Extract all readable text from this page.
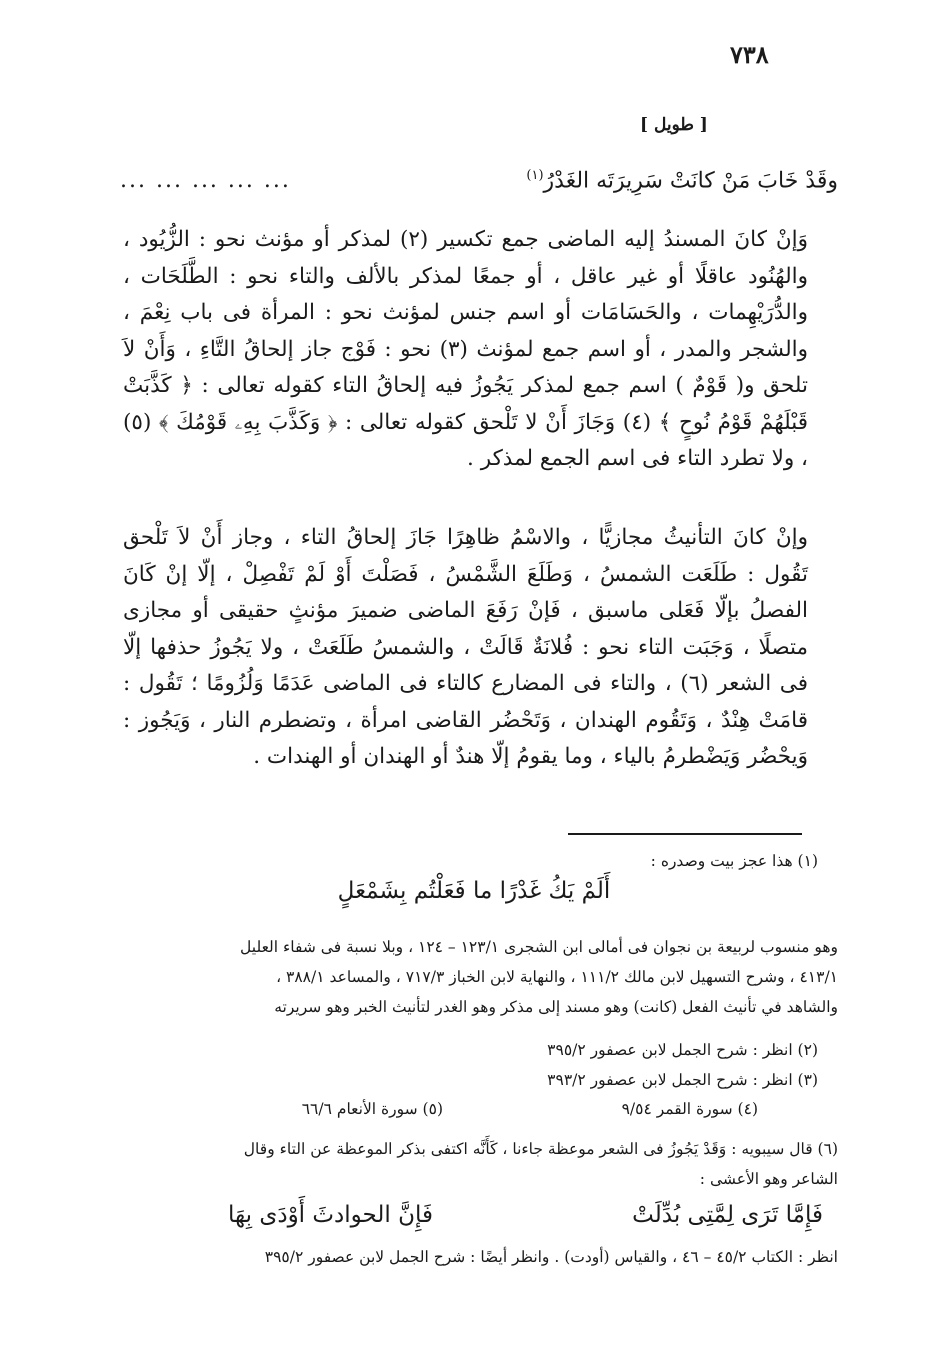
٧٣٨
[ طويل ]
وقَدْ خَابَ مَنْ كانَتْ سَرِيرَتَه الغَدْرُ$^{(١)}$
... ... ... ... ...
وَإنْ كانَ المسندُ إليه الماضى جمع تكسير (٢) لمذكر أو مؤنث نحو : الزُّيُود ، والهُنُود عاقلًا أو غير عاقل ، أو جمعًا لمذكر بالألف والتاء نحو : الطَّلَحَات ، والدُّرَيْهِمات ، والحَسَامَات أو اسم جنس لمؤنث نحو : المرأة فى باب نِعْمَ ، والشجر والمدر ، أو اسم جمع لمؤنث (٣) نحو : فَوْج جاز إلحاقُ التَّاءِ ، وَأَنْ لاَ تلحق و( قَوْمٌ ) اسم جمع لمذكر يَجُوزُ فيه إلحاقُ التاء كقوله تعالى : ﴿ كَذَّبَتْ قَبْلَهُمْ قَوْمُ نُوحٍ ﴾ (٤) وَجَازَ أَنْ لا تَلْحق كقوله تعالى : ﴿ وَكَذَّبَ بِهِۦ قَوْمُكَ ﴾ (٥) ، ولا تطرد التاء فى اسم الجمع لمذكر .
وإنْ كانَ التأنيثُ مجازيًّا ، والاسْمُ ظاهِرًا جَازَ إلحاقُ التاء ، وجاز أَنْ لاَ تَلْحق تَقُول : طَلَعَت الشمسُ ، وَطَلَعَ الشَّمْسُ ، فَصَلْتَ أَوْ لَمْ تَفْصِلْ ، إلّا إنْ كَانَ الفصلُ بإلّا فَعَلى ماسبق ، فَإنْ رَفَعَ الماضى ضميرَ مؤنثٍ حقيقى أو مجازى متصلًا ، وَجَبَت التاء نحو : فُلانَةٌ قَالَتْ ، والشمسُ طَلَعَتْ ، ولا يَجُوزُ حذفها إلّا فى الشعر (٦) ، والتاء فى المضارع كالتاء فى الماضى عَدَمًا وَلُزُومًا ؛ تَقُول : قامَتْ هِنْدٌ ، وَتَقُوم الهندان ، وَتَحْضُر القاضى امرأة ، وتضطرم النار ، وَيَجُوز : وَيحْضُر وَيَضْطرمُ بالياء ، وما يقومُ إلّا هندٌ أو الهندان أو الهندات .
(١) هذا عجز بيت وصدره :
أَلَمْ يَكُ غَدْرًا ما فَعَلْتُم بِشَمْعَلٍ
وهو منسوب لربيعة بن نجوان فى أمالى ابن الشجرى ١٢٣/١ – ١٢٤ ، وبلا نسبة فى شفاء العليل
٤١٣/١ ، وشرح التسهيل لابن مالك ١١١/٢ ، والنهاية لابن الخباز ٧١٧/٣ ، والمساعد ٣٨٨/١ ،
والشاهد في تأنيث الفعل (كانت) وهو مسند إلى مذكر وهو الغدر لتأنيث الخبر وهو سريرته
(٢) انظر : شرح الجمل لابن عصفور ٣٩٥/٢
(٣) انظر : شرح الجمل لابن عصفور ٣٩٣/٢
(٤) سورة القمر ٩/٥٤
(٥) سورة الأنعام ٦٦/٦
(٦) قال سيبويه : وَقَدْ يَجُوزُ فى الشعر موعظة جاءنا ، كَأَنَّه اكتفى بذكر الموعظة عن التاء وقال
الشاعر وهو الأعشى :
فَإِمَّا تَرَى لِمَّتِى بُدِّلَتْ
فَإِنَّ الحوادثَ أَوْدَى بِهَا
انظر : الكتاب ٤٥/٢ – ٤٦ ، والقياس (أودت) . وانظر أيضًا : شرح الجمل لابن عصفور ٣٩٥/٢
